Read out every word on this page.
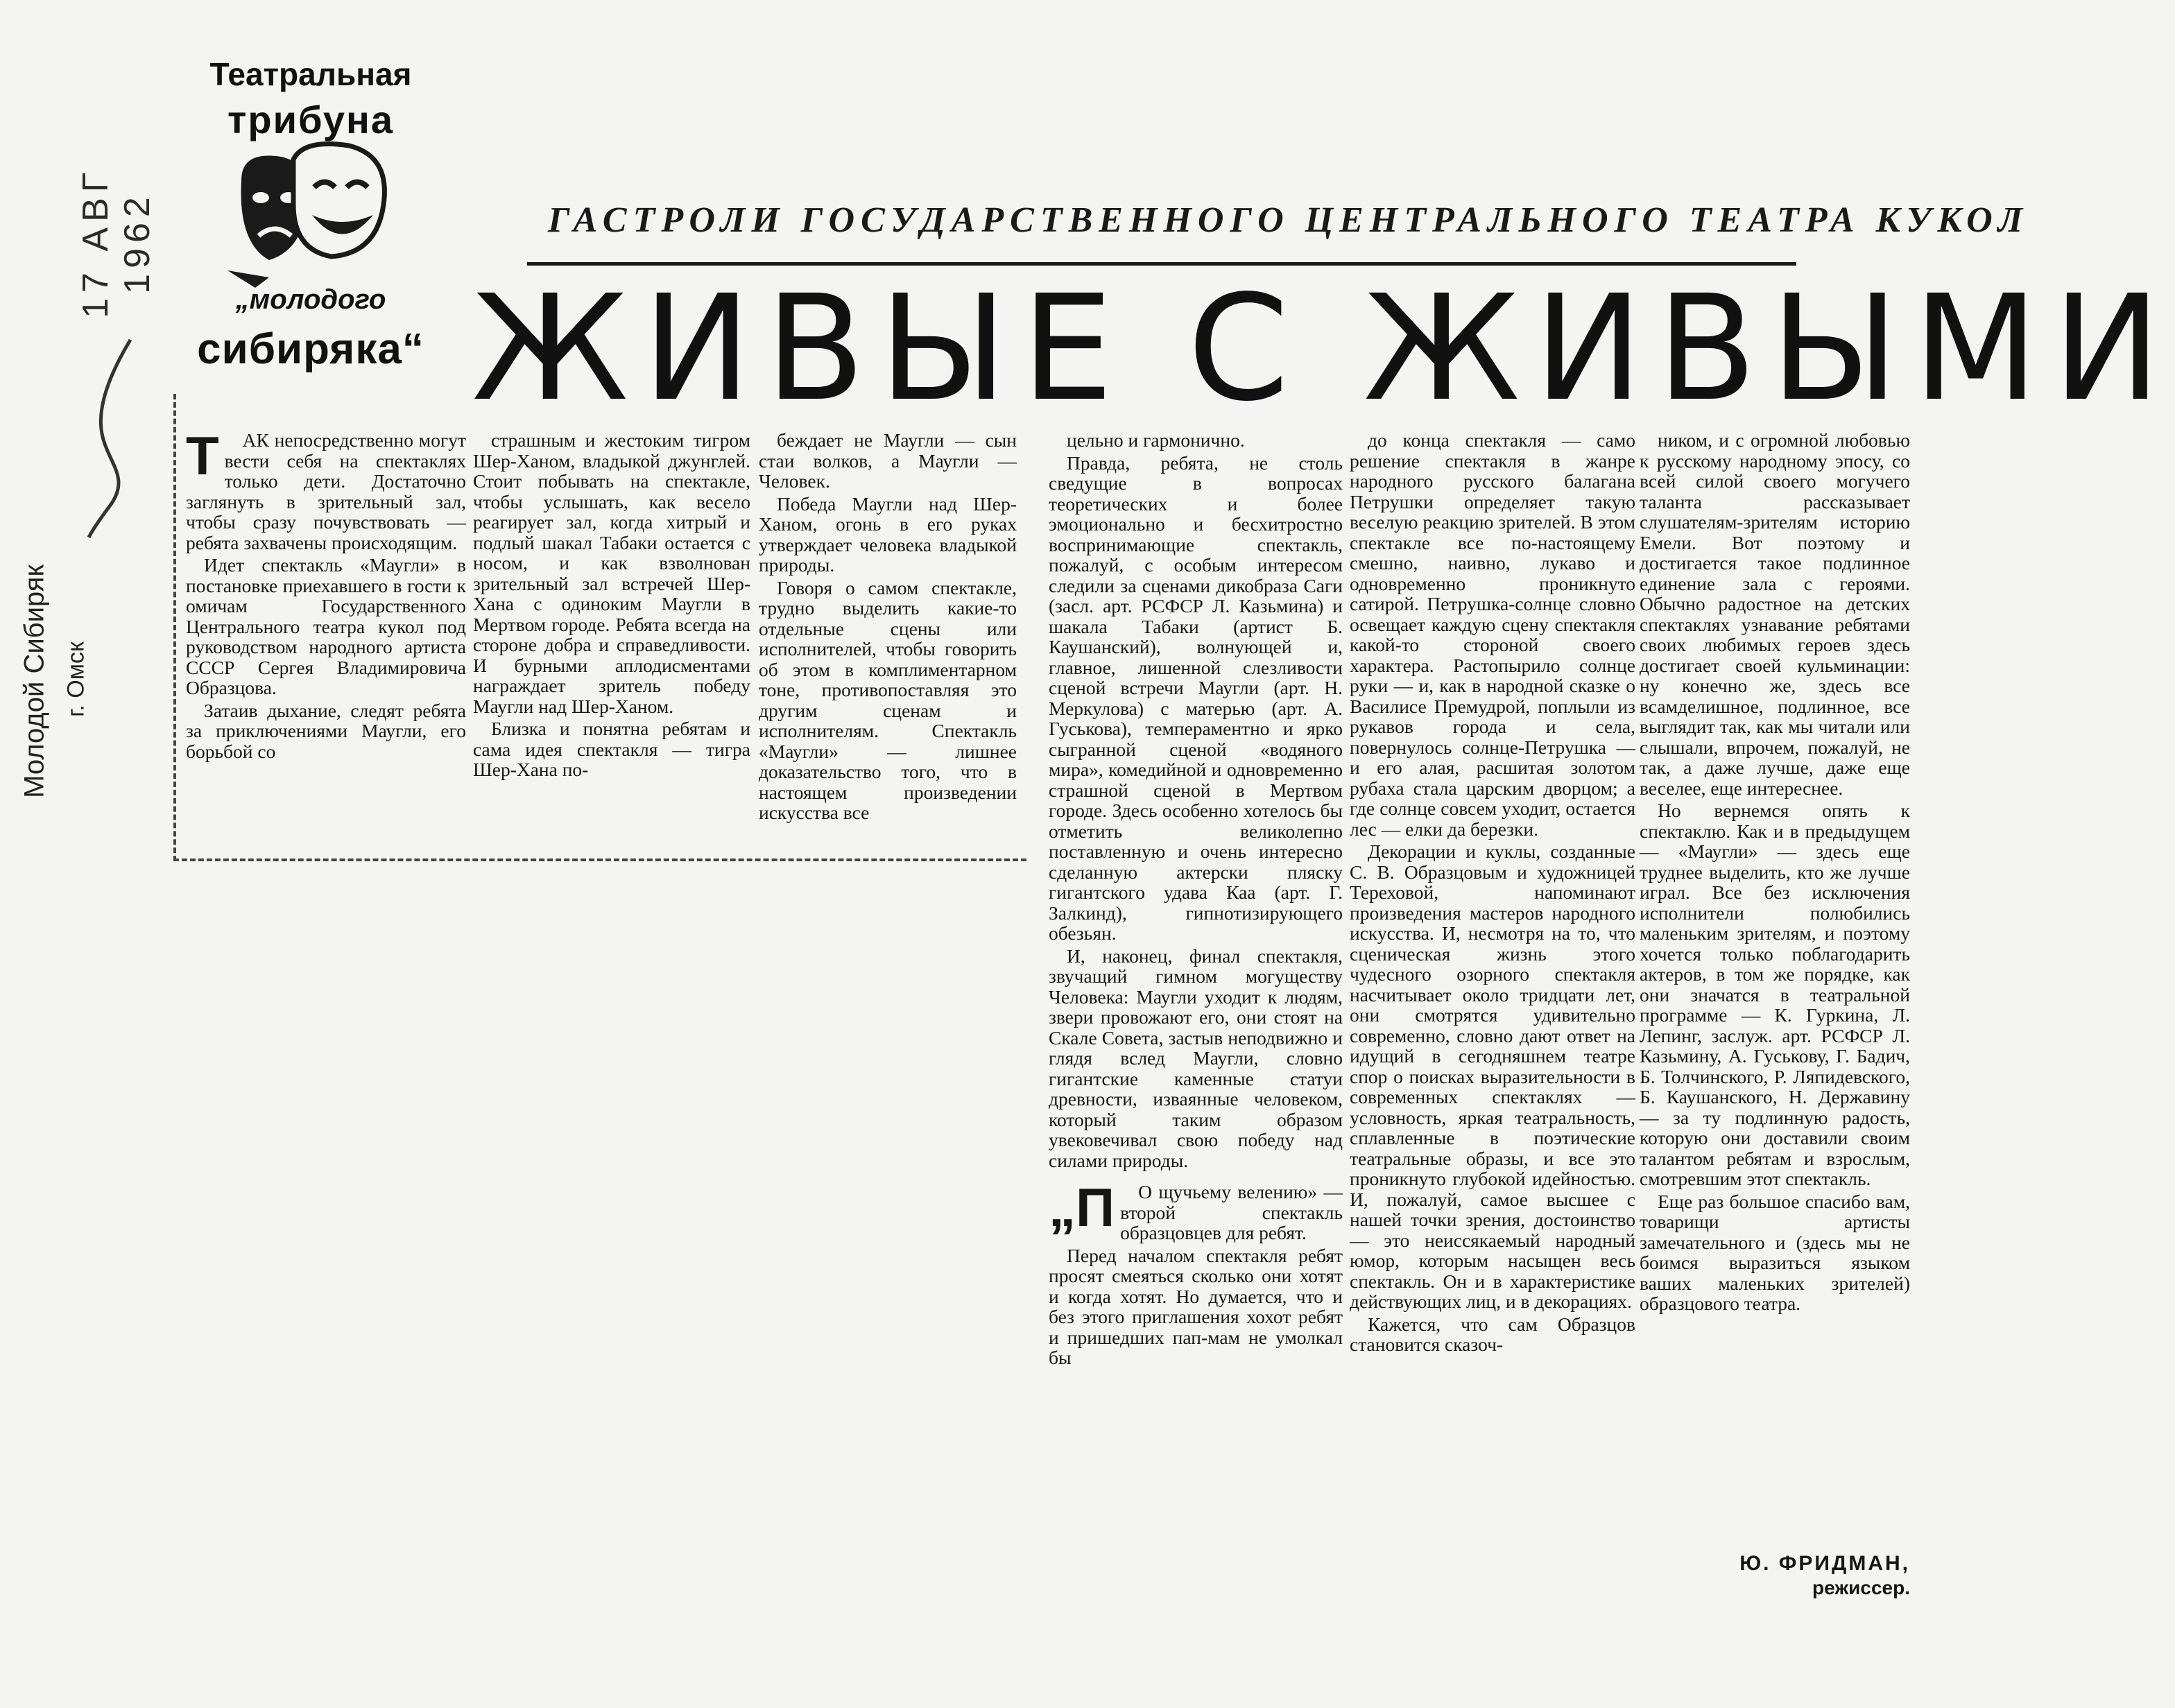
17 АВГ 1962
Молодой Сибиряк г. Омск
Театральная
трибуна
„молодого
сибиряка“
ГАСТРОЛИ ГОСУДАРСТВЕННОГО ЦЕНТРАЛЬНОГО ТЕАТРА КУКОЛ
ЖИВЫЕ С ЖИВЫМИ

Т АК непосредственно могут вести себя на спектаклях только дети. Достаточно заглянуть в зрительный зал, чтобы сразу почувствовать — ребята захвачены происходящим.

Идет спектакль «Маугли» в постановке приехавшего в гости к омичам Государственного Центрального театра кукол под руководством народного артиста СССР Сергея Владимировича Образцова.

Затаив дыхание, следят ребята за приключениями Маугли, его борьбой со

страшным и жестоким тигром Шер-Ханом, владыкой джунглей. Стоит побывать на спектакле, чтобы услышать, как весело реагирует зал, когда хитрый и подлый шакал Табаки остается с носом, и как взволнован зрительный зал встречей Шер-Хана с одиноким Маугли в Мертвом городе. Ребята всегда на стороне добра и справедливости. И бурными аплодисментами награждает зритель победу Маугли над Шер-Ханом.

Близка и понятна ребятам и сама идея спектакля — тигра Шер-Хана по-

беждает не Маугли — сын стаи волков, а Маугли — Человек.

Победа Маугли над Шер-Ханом, огонь в его руках утверждает человека владыкой природы.

Говоря о самом спектакле, трудно выделить какие-то отдельные сцены или исполнителей, чтобы говорить об этом в комплиментарном тоне, противопоставляя это другим сценам и исполнителям. Спектакль «Маугли» — лишнее доказательство того, что в настоящем произведении искусства все

цельно и гармонично.

Правда, ребята, не столь сведущие в вопросах теоретических и более эмоционально и бесхитростно воспринимающие спектакль, пожалуй, с особым интересом следили за сценами дикобраза Саги (засл. арт. РСФСР Л. Казьмина) и шакала Табаки (артист Б. Каушанский), волнующей и, главное, лишенной слезливости сценой встречи Маугли (арт. Н. Меркулова) с матерью (арт. А. Гуськова), темпераментно и ярко сыгранной сценой «водяного мира», комедийной и одновременно страшной сценой в Мертвом городе. Здесь особенно хотелось бы отметить великолепно поставленную и очень интересно сделанную актерски пляску гигантского удава Каа (арт. Г. Залкинд), гипнотизирующего обезьян.

И, наконец, финал спектакля, звучащий гимном могуществу Человека: Маугли уходит к людям, звери провожают его, они стоят на Скале Совета, застыв неподвижно и глядя вслед Маугли, словно гигантские каменные статуи древности, изваянные человеком, который таким образом увековечивал свою победу над силами природы.

„П О щучьему велению» — второй спектакль образцовцев для ребят.

Перед началом спектакля ребят просят смеяться сколько они хотят и когда хотят. Но думается, что и без этого приглашения хохот ребят и пришедших пап-мам не умолкал бы

до конца спектакля — само решение спектакля в жанре народного русского балагана Петрушки определяет такую веселую реакцию зрителей. В этом спектакле все по-настоящему смешно, наивно, лукаво и одновременно проникнуто сатирой. Петрушка-солнце словно освещает каждую сцену спектакля какой-то стороной своего характера. Растопырило солнце руки — и, как в народной сказке о Василисе Премудрой, поплыли из рукавов города и села, повернулось солнце-Петрушка — и его алая, расшитая золотом рубаха стала царским дворцом; а где солнце совсем уходит, остается лес — елки да березки.

Декорации и куклы, созданные С. В. Образцовым и художницей Тереховой, напоминают произведения мастеров народного искусства. И, несмотря на то, что сценическая жизнь этого чудесного озорного спектакля насчитывает около тридцати лет, они смотрятся удивительно современно, словно дают ответ на идущий в сегодняшнем театре спор о поисках выразительности в современных спектаклях — условность, яркая театральность, сплавленные в поэтические театральные образы, и все это проникнуто глубокой идейностью. И, пожалуй, самое высшее с нашей точки зрения, достоинство — это неиссякаемый народный юмор, которым насыщен весь спектакль. Он и в характеристике действующих лиц, и в декорациях.

Кажется, что сам Образцов становится сказоч-

ником, и с огромной любовью к русскому народному эпосу, со всей силой своего могучего таланта рассказывает слушателям-зрителям историю Емели. Вот поэтому и достигается такое подлинное единение зала с героями. Обычно радостное на детских спектаклях узнавание ребятами своих любимых героев здесь достигает своей кульминации: ну конечно же, здесь все всамделишное, подлинное, все выглядит так, как мы читали или слышали, впрочем, пожалуй, не так, а даже лучше, даже еще веселее, еще интереснее.

Но вернемся опять к спектаклю. Как и в предыдущем — «Маугли» — здесь еще труднее выделить, кто же лучше играл. Все без исключения исполнители полюбились маленьким зрителям, и поэтому хочется только поблагодарить актеров, в том же порядке, как они значатся в театральной программе — К. Гуркина, Л. Лепинг, заслуж. арт. РСФСР Л. Казьмину, А. Гуськову, Г. Бадич, Б. Толчинского, Р. Ляпидевского, Б. Каушанского, Н. Державину — за ту подлинную радость, которую они доставили своим талантом ребятам и взрослым, смотревшим этот спектакль.

Еще раз большое спасибо вам, товарищи артисты замечательного и (здесь мы не боимся выразиться языком ваших маленьких зрителей) образцового театра.

Ю. ФРИДМАН,
режиссер.
